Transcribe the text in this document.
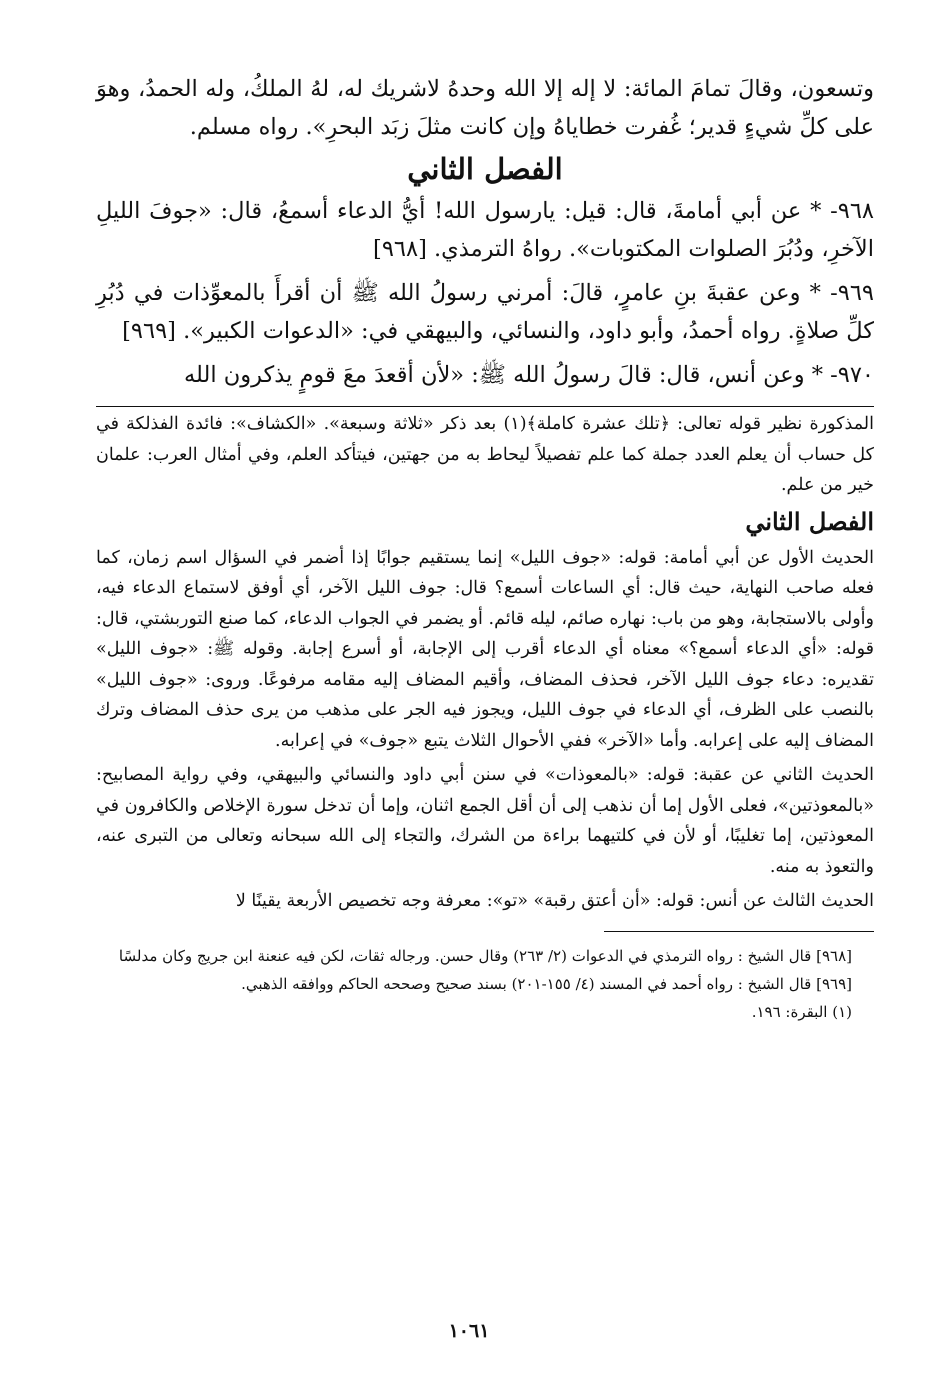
وتسعون، وقالَ تمامَ المائة: لا إله إلا الله وحدهُ لاشريك له، لهُ الملكُ، وله الحمدُ، وهوَ على كلِّ شيءٍ قدير؛ غُفرت خطاياهُ وإن كانت مثلَ زبَد البحرِ». رواه مسلم.

الفصل الثاني

٩٦٨- * عن أبي أمامةَ، قال: قيل: يارسول الله! أيُّ الدعاء أسمعُ، قال: «جوفَ الليلِ الآخرِ، ودُبُرَ الصلوات المكتوبات». رواهُ الترمذي. [٩٦٨]

٩٦٩- * وعن عقبةَ بنِ عامرٍ، قالَ: أمرني رسولُ الله ﷺ أن أقرأَ بالمعوِّذات في دُبُرِ كلِّ صلاةٍ. رواه أحمدُ، وأبو داود، والنسائي، والبيهقي في: «الدعوات الكبير». [٩٦٩]

٩٧٠- * وعن أنس، قال: قالَ رسولُ الله ﷺ: «لأن أقعدَ معَ قومٍ يذكرون الله

المذكورة نظير قوله تعالى: ﴿تلك عشرة كاملة﴾(١) بعد ذكر «ثلاثة وسبعة». «الكشاف»: فائدة الفذلكة في كل حساب أن يعلم العدد جملة كما علم تفصيلاً ليحاط به من جهتين، فيتأكد العلم، وفي أمثال العرب: علمان خير من علم.

الفصل الثاني

الحديث الأول عن أبي أمامة: قوله: «جوف الليل» إنما يستقيم جوابًا إذا أضمر في السؤال اسم زمان، كما فعله صاحب النهاية، حيث قال: أي الساعات أسمع؟ قال: جوف الليل الآخر، أي أوفق لاستماع الدعاء فيه، وأولى بالاستجابة، وهو من باب: نهاره صائم، ليله قائم. أو يضمر في الجواب الدعاء، كما صنع التوربشتي، قال: قوله: «أي الدعاء أسمع؟» معناه أي الدعاء أقرب إلى الإجابة، أو أسرع إجابة. وقوله ﷺ: «جوف الليل» تقديره: دعاء جوف الليل الآخر، فحذف المضاف، وأقيم المضاف إليه مقامه مرفوعًا. وروى: «جوف الليل» بالنصب على الظرف، أي الدعاء في جوف الليل، ويجوز فيه الجر على مذهب من يرى حذف المضاف وترك المضاف إليه على إعرابه. وأما «الآخر» ففي الأحوال الثلاث يتبع «جوف» في إعرابه.

الحديث الثاني عن عقبة: قوله: «بالمعوذات» في سنن أبي داود والنسائي والبيهقي، وفي رواية المصابيح: «بالمعوذتين»، فعلى الأول إما أن نذهب إلى أن أقل الجمع اثنان، وإما أن تدخل سورة الإخلاص والكافرون في المعوذتين، إما تغليبًا، أو لأن في كلتيهما براءة من الشرك، والتجاء إلى الله سبحانه وتعالى من التبرى عنه، والتعوذ به منه.

الحديث الثالث عن أنس: قوله: «أن أعتق رقبة» «تو»: معرفة وجه تخصيص الأربعة يقينًا لا

[٩٦٨] قال الشيخ : رواه الترمذي في الدعوات (٢/ ٢٦٣) وقال حسن. ورجاله ثقات، لكن فيه عنعنة ابن جريج وكان مدلسًا

[٩٦٩] قال الشيخ : رواه أحمد في المسند (٤/ ١٥٥-٢٠١) بسند صحيح وصححه الحاكم ووافقه الذهبي.

(١) البقرة: ١٩٦.

١٠٦١
